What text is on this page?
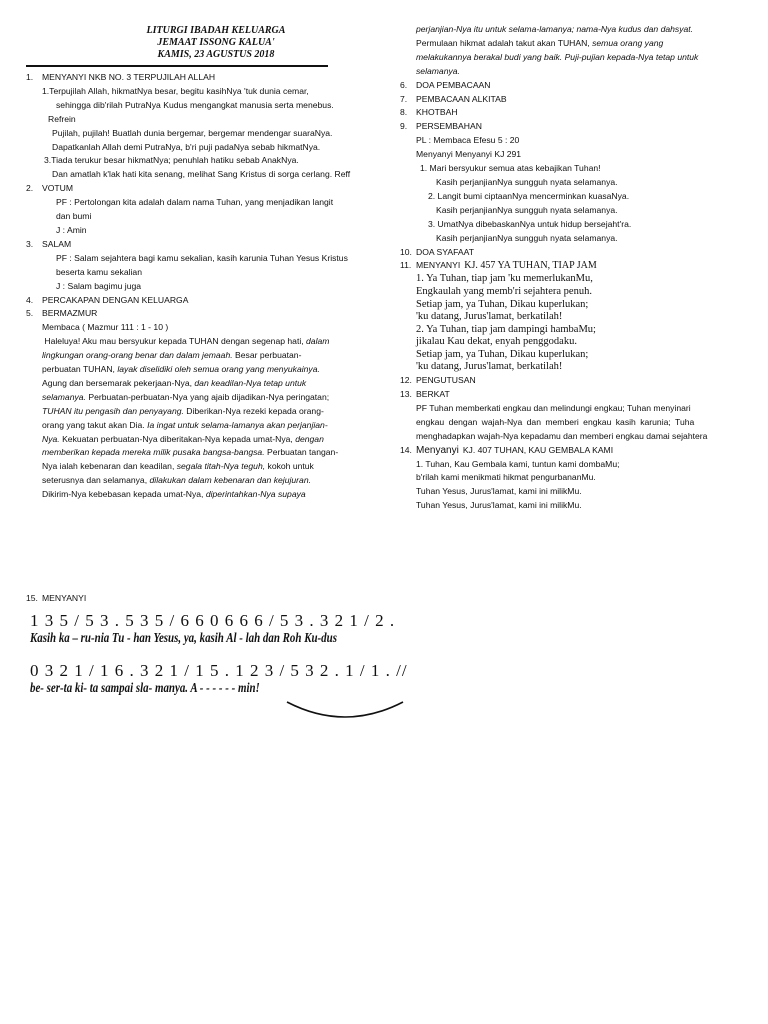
LITURGI IBADAH KELUARGA
JEMAAT ISSONG KALUA'
KAMIS, 23 AGUSTUS 2018
1.	MENYANYI NKB NO. 3 TERPUJILAH ALLAH

1.Terpujilah Allah, hikmatNya besar, begitu kasihNya 'tuk dunia cemar,

sehingga dib'rilah PutraNya Kudus mengangkat manusia serta menebus.

Refrein

Pujilah, pujilah! Buatlah dunia bergemar, bergemar mendengar suaraNya.

Dapatkanlah Allah demi PutraNya, b'ri puji padaNya sebab hikmatNya.

3.Tiada terukur besar hikmatNya; penuhlah hatiku sebab AnakNya.

Dan amatlah k'lak hati kita senang, melihat Sang Kristus di sorga cerlang. Reff

2.	VOTUM

PF : Pertolongan kita adalah dalam nama Tuhan, yang menjadikan langit

dan bumi

J : Amin

3.	SALAM

PF : Salam sejahtera bagi kamu sekalian, kasih karunia Tuhan Yesus Kristus

beserta kamu sekalian

J : Salam bagimu juga

4.	PERCAKAPAN DENGAN KELUARGA
5.	BERMAZMUR

Membaca ( Mazmur 111 : 1 - 10 )

Haleluya! Aku mau bersyukur kepada TUHAN dengan segenap hati, dalam
lingkungan orang-orang benar dan dalam jemaah. Besar perbuatan-
perbuatan TUHAN, layak diselidiki oleh semua orang yang menyukainya.
Agung dan bersemarak pekerjaan-Nya, dan keadilan-Nya tetap untuk
selamanya. Perbuatan-perbuatan-Nya yang ajaib dijadikan-Nya peringatan;
TUHAN itu pengasih dan penyayang. Diberikan-Nya rezeki kepada orang-
orang yang takut akan Dia. Ia ingat untuk selama-lamanya akan perjanjian-
Nya. Kekuatan perbuatan-Nya diberitakan-Nya kepada umat-Nya, dengan
memberikan kepada mereka milik pusaka bangsa-bangsa. Perbuatan tangan-
Nya ialah kebenaran dan keadilan, segala titah-Nya teguh, kokoh untuk
seterusnya dan selamanya, dilakukan dalam kebenaran dan kejujuran.
Dikirim-Nya kebebasan kepada umat-Nya, diperintahkan-Nya supaya
perjanjian-Nya itu untuk selama-lamanya; nama-Nya kudus dan dahsyat.
Permulaan hikmat adalah takut akan TUHAN, semua orang yang
melakukannya berakal budi yang baik. Puji-pujian kepada-Nya tetap untuk
selamanya.
6.	DOA PEMBACAAN
7.	PEMBACAAN ALKITAB
8.	KHOTBAH
9.	PERSEMBAHAN

PL : Membaca Efesu 5 : 20

Menyanyi Menyanyi KJ 291

1. Mari bersyukur semua atas kebajikan Tuhan!

Kasih perjanjianNya sungguh nyata selamanya.

2. Langit bumi ciptaanNya mencerminkan kuasaNya.

Kasih perjanjianNya sungguh nyata selamanya.

3. UmatNya dibebaskanNya untuk hidup bersejaht'ra.

Kasih perjanjianNya sungguh nyata selamanya.

10. DOA SYAFAAT
11. MENYANYI KJ. 457 YA TUHAN, TIAP JAM
1. Ya Tuhan, tiap jam 'ku memerlukanMu,
Engkaulah yang memb'ri sejahtera penuh.
Setiap jam, ya Tuhan, Dikau kuperlukan;
'ku datang, Jurus'lamat, berkatilah!
2. Ya Tuhan, tiap jam dampingi hambaMu;
jikalau Kau dekat, enyah penggodaku.
Setiap jam, ya Tuhan, Dikau kuperlukan;
'ku datang, Jurus'lamat, berkatilah!
12. PENGUTUSAN
13. BERKAT

PF Tuhan memberkati engkau dan melindungi engkau; Tuhan menyinari

engkau dengan wajah-Nya dan memberi engkau kasih karunia; Tuha

menghadapkan wajah-Nya kepadamu dan memberi engkau damai sejahtera

14. Menyanyi KJ. 407 TUHAN, KAU GEMBALA KAMI

1. Tuhan, Kau Gembala kami, tuntun kami dombaMu;

b'rilah kami menikmati hikmat pengurbananMu.

Tuhan Yesus, Jurus'lamat, kami ini milikMu.

Tuhan Yesus, Jurus'lamat, kami ini milikMu.

15. MENYANYI
1 3 5 / 5 3 . 5 3 5 / 6 6 0 6 6 6 / 5 3 . 3 2 1 / 2 .
Kasih ka – ru-nia Tu - han Yesus, ya, kasih Al - lah dan Roh Ku-dus
0 3 2 1 / 1 6 . 3 2 1 / 1 5 . 1 2 3 / 5 3 2 . 1 / 1 . //
be- ser-ta ki- ta sampai sla- manya. A - - - - - - min!
